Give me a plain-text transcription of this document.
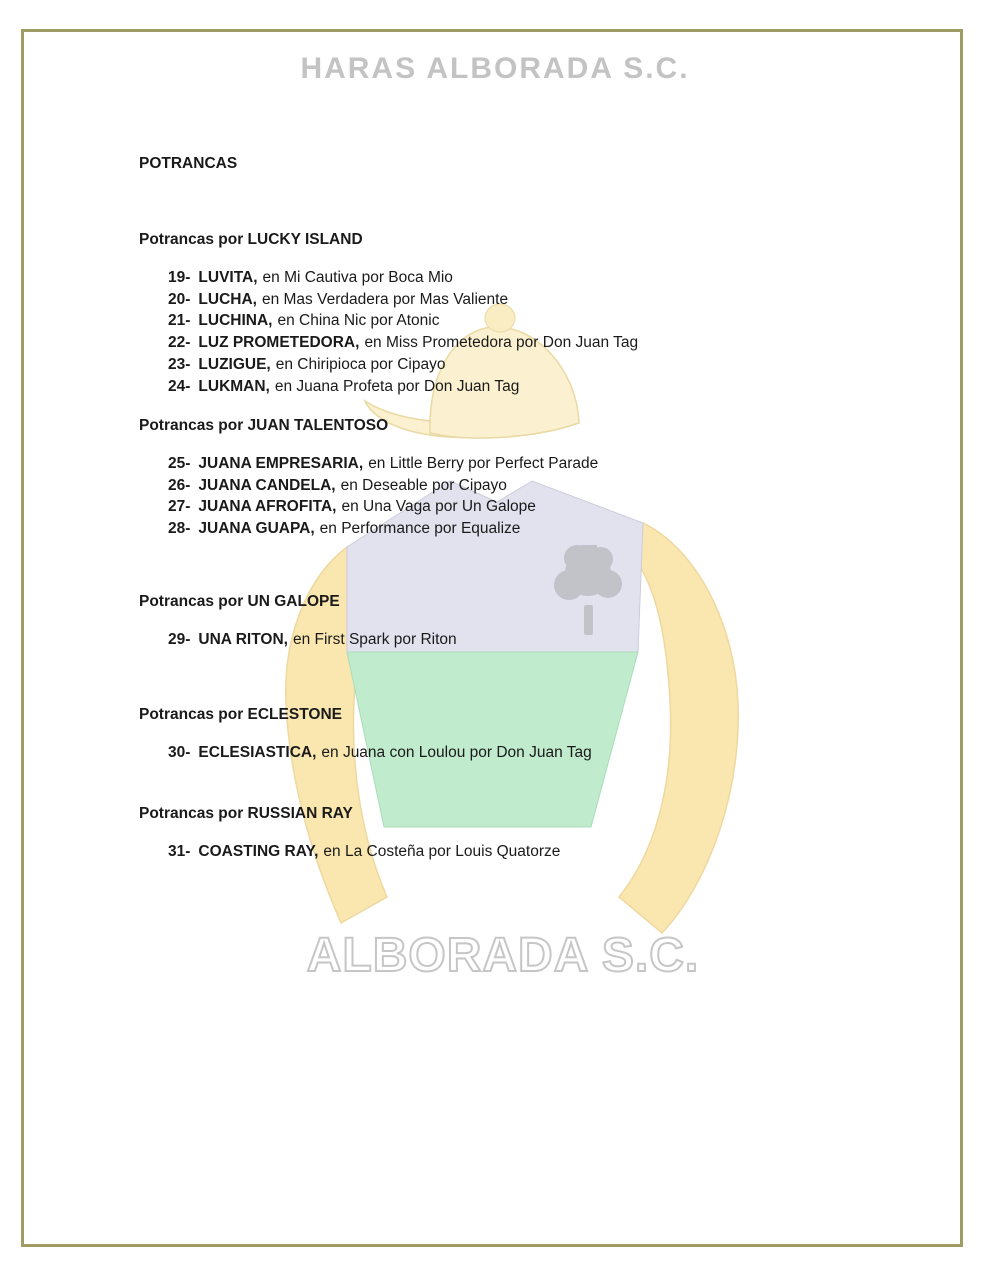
ALBORADA S.C.
HARAS ALBORADA S.C.
POTRANCAS
Potrancas por LUCKY ISLAND
19- LUVITA, en Mi Cautiva por Boca Mio
20- LUCHA, en Mas Verdadera por Mas Valiente
21- LUCHINA, en China Nic por Atonic
22- LUZ PROMETEDORA, en Miss Prometedora por Don Juan Tag
23- LUZIGUE, en Chiripioca por Cipayo
24- LUKMAN, en Juana Profeta por Don Juan Tag
Potrancas por JUAN TALENTOSO
25- JUANA EMPRESARIA, en Little Berry por Perfect Parade
26- JUANA CANDELA, en Deseable por Cipayo
27- JUANA AFROFITA, en Una Vaga por Un Galope
28- JUANA GUAPA, en Performance por Equalize
Potrancas por UN GALOPE
29- UNA RITON, en First Spark por Riton
Potrancas por ECLESTONE
30- ECLESIASTICA, en Juana con Loulou por Don Juan Tag
Potrancas por RUSSIAN RAY
31- COASTING RAY, en La Costeña por Louis Quatorze
